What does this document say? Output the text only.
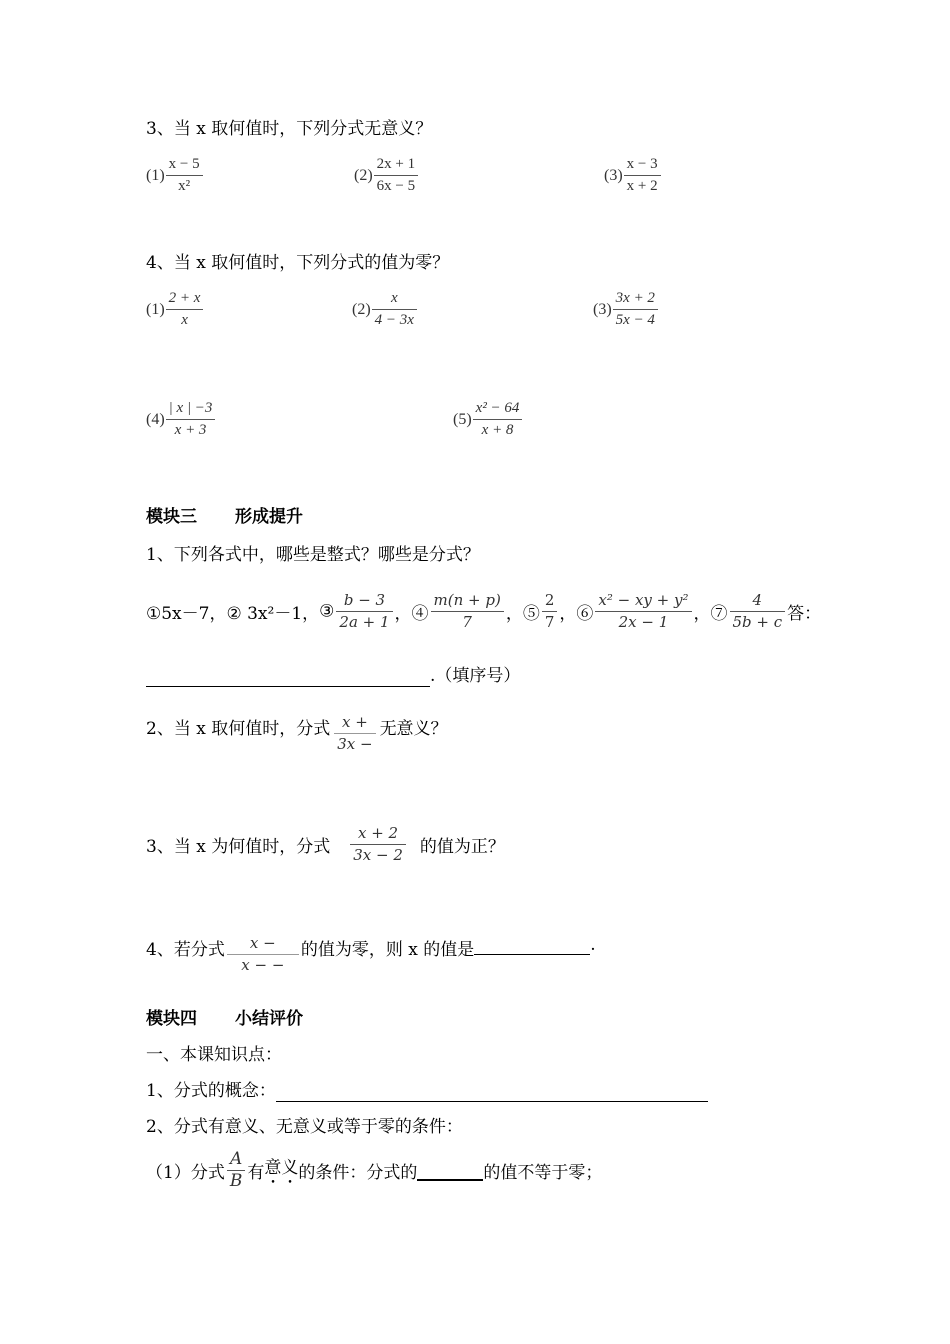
3、当 x 取何值时，下列分式无意义？
$(1) \frac{x - 5}{\text{x²}}$	$(2) \frac{2x + 1}{6x - 5}$	$(3) \frac{x - 3}{x + 2}$
4、当 x 取何值时，下列分式的值为零？
$(1) \frac{2 + x}{x}$	$(2) \frac{x}{4 - 3x}$	$(3) \frac{3x + 2}{5x - 4}$
$(4) \frac{| x | -3}{x + 3}$	$(5) \frac{\text{x² − 64}}{x + 8}$
模块三 形成提升
1、下列各式中，哪些是整式？哪些是分式？
①5x－7，② 3x²－1，③ $\frac{b - 3}{2a + 1}$ ，④ $\frac{m(n + p)}{7}$ ，⑤ $\frac{2}{7}$ ，⑥ $\frac{\text{x² − xy + y²}}{2x - 1}$ ，⑦ $\frac{4}{5b + c}$ 答：
.（填序号）
2、当 x 取何值时，分式 $\frac{x +}{3x -}$ 无意义？
3、当 x 为何值时，分式 $\frac{x + 2}{3x - 2}$ 的值为正？
4、若分式 $\frac{x -}{x - -}$ 的值为零，则 x 的值是	.
模块四 小结评价
一、本课知识点：
1、分式的概念：
2、分式有意义、无意义或等于零的条件：
（1）分式 $\frac{A}{B}$ 有意义的条件：分式的	的值不等于零；
